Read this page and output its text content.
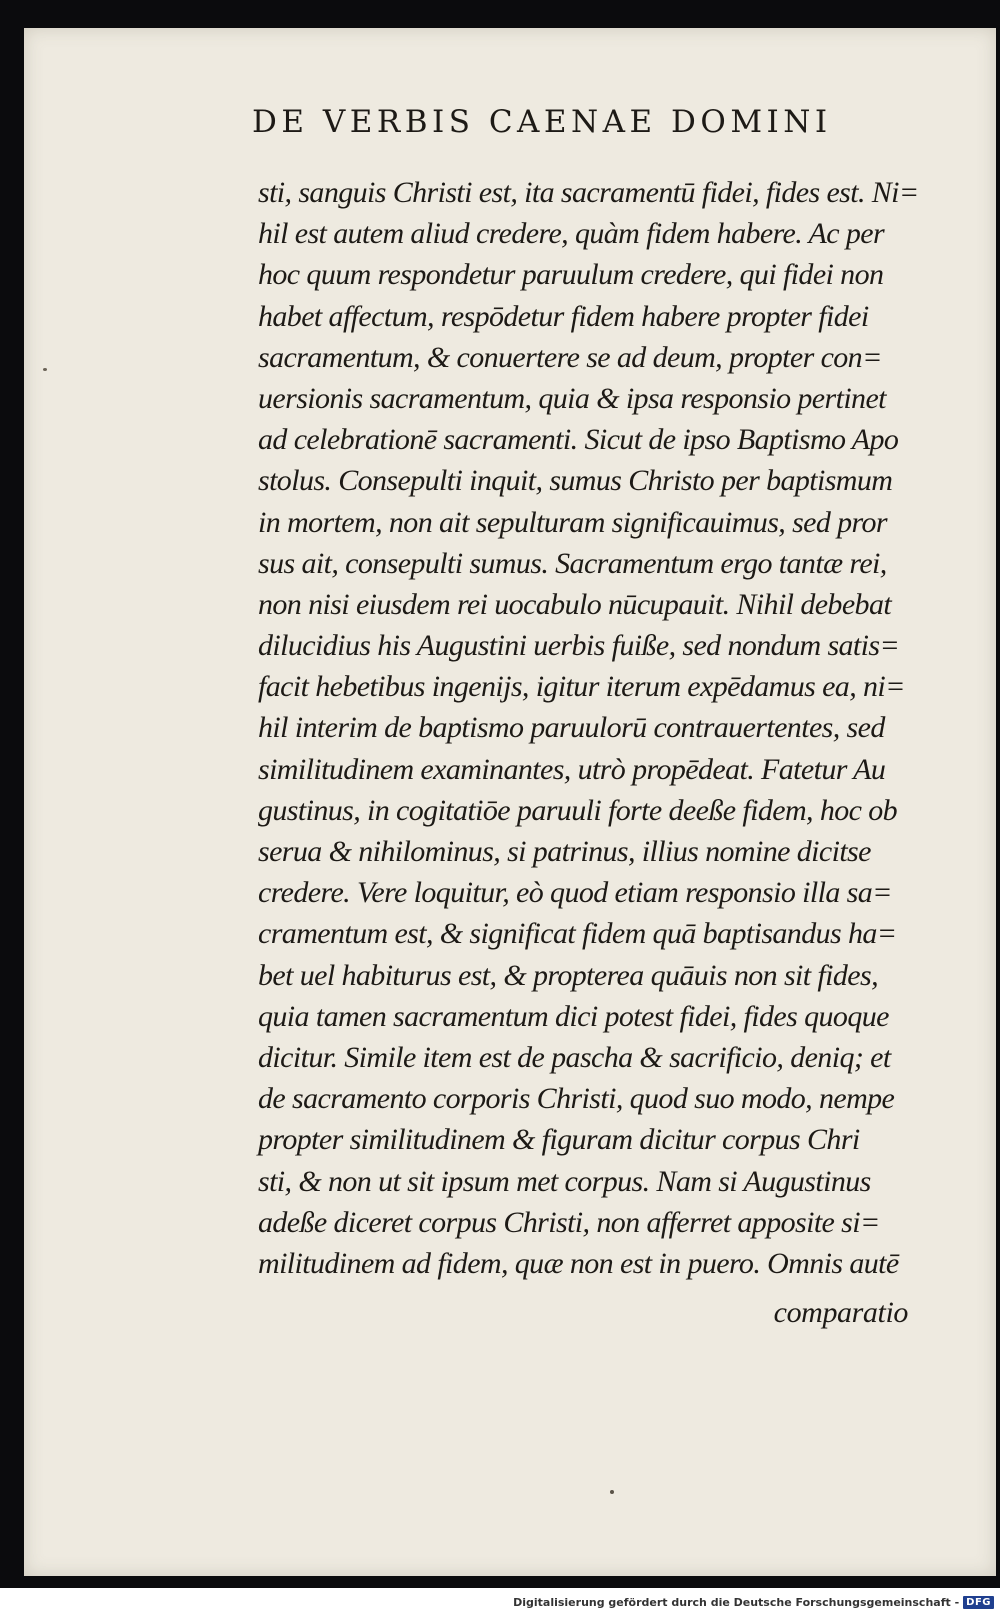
DE VERBIS CAENAE DOMINI
sti, sanguis Christi est, ita sacramentū fidei, fides est. Ni=
hil est autem aliud credere, quàm fidem habere. Ac per
hoc quum respondetur paruulum credere, qui fidei non
habet affectum, respōdetur fidem habere propter fidei
sacramentum, & conuertere se ad deum, propter con=
uersionis sacramentum, quia & ipsa responsio pertinet
ad celebrationē sacramenti. Sicut de ipso Baptismo Apo
stolus. Consepulti inquit, sumus Christo per baptismum
in mortem, non ait sepulturam significauimus, sed pror
sus ait, consepulti sumus. Sacramentum ergo tantæ rei,
non nisi eiusdem rei uocabulo nūcupauit. Nihil debebat
dilucidius his Augustini uerbis fuiße, sed nondum satis=
facit hebetibus ingeniјs, igitur iterum expēdamus ea, ni=
hil interim de baptismo paruulorū contrauertentes, sed
similitudinem examinantes, utrò propēdeat. Fatetur Au
gustinus, in cogitatiōe paruuli forte deeße fidem, hoc ob
serua & nihilominus, si patrinus, illius nomine dicitse
credere. Vere loquitur, eò quod etiam responsio illa sa=
cramentum est, & significat fidem quā baptisandus ha=
bet uel habiturus est, & propterea quāuis non sit fides,
quia tamen sacramentum dici potest fidei, fides quoque
dicitur. Simile item est de pascha & sacrificio, deniq; et
de sacramento corporis Christi, quod suo modo, nempe
propter similitudinem & figuram dicitur corpus Chri
sti, & non ut sit ipsum met corpus. Nam si Augustinus
adeße diceret corpus Christi, non afferret apposite si=
militudinem ad fidem, quæ non est in puero. Omnis autē
comparatio
Digitalisierung gefördert durch die Deutsche Forschungsgemeinschaft - DFG
